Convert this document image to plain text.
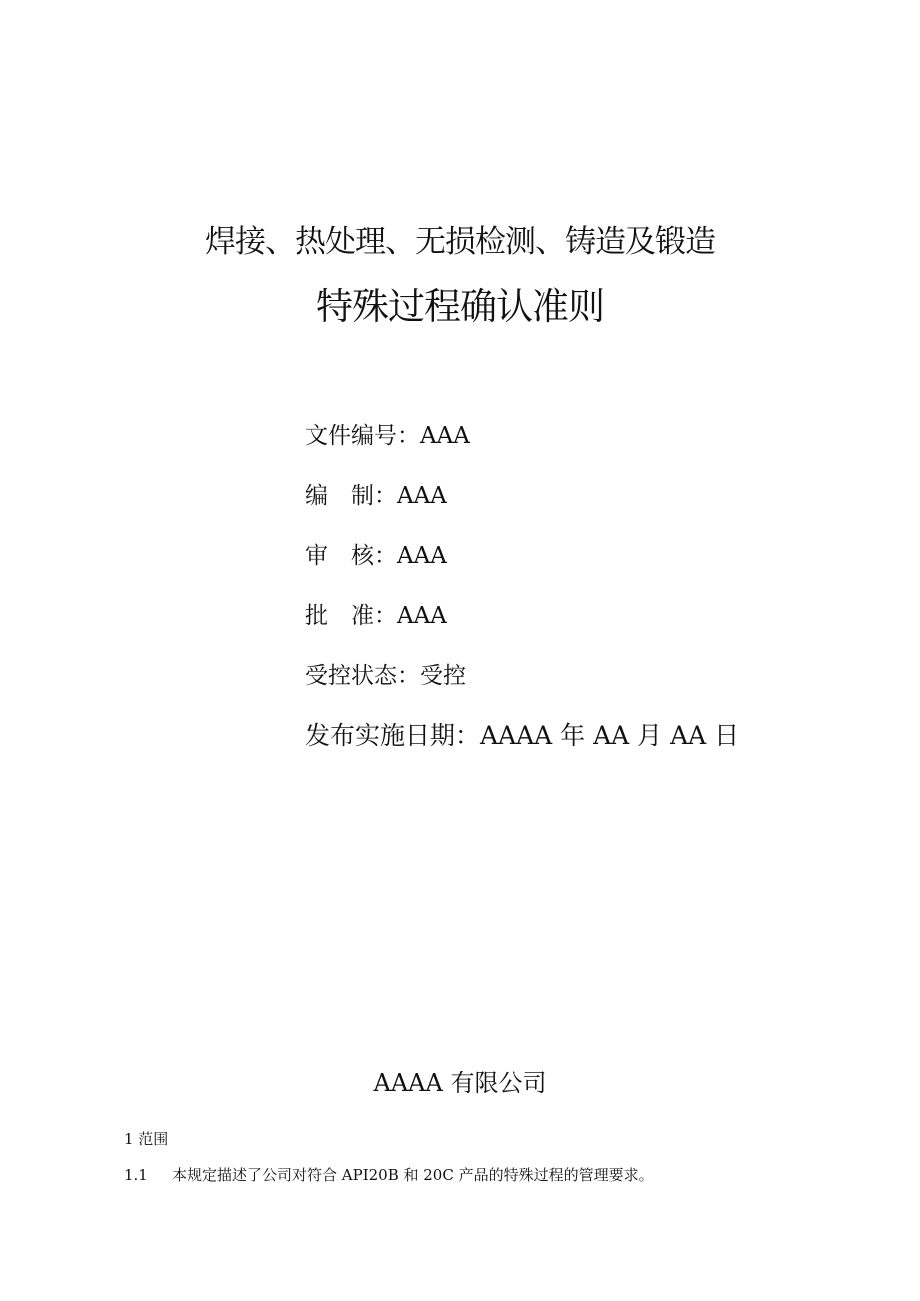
焊接、热处理、无损检测、铸造及锻造
特殊过程确认准则
文件编号：AAA
编　制：AAA
审　核：AAA
批　准：AAA
受控状态：受控
发布实施日期：AAAA 年 AA 月 AA 日
AAAA 有限公司
1 范围
1.1 本规定描述了公司对符合 API20B 和 20C 产品的特殊过程的管理要求。
